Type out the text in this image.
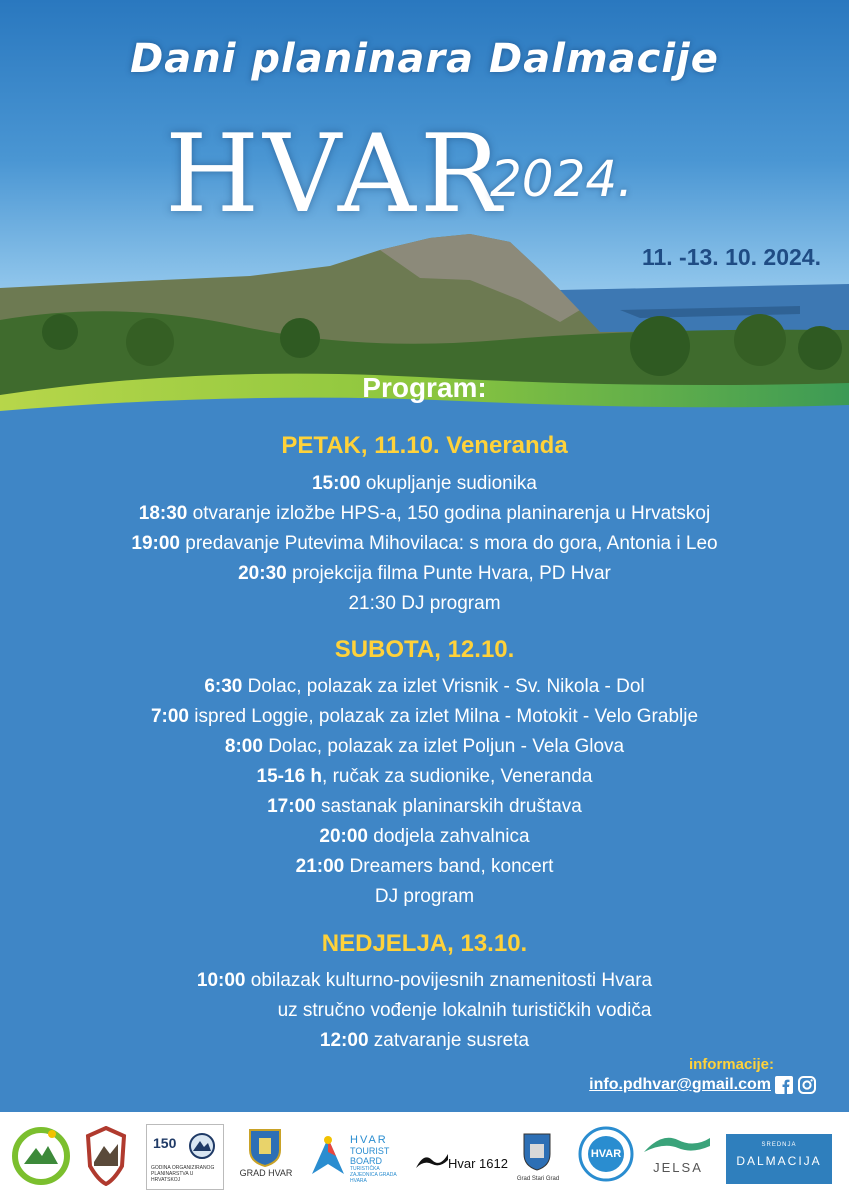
Dani planinara Dalmacije
HVAR
2024.
11. -13. 10. 2024.
Program:
PETAK, 11.10. Veneranda
15:00 okupljanje sudionika
18:30 otvaranje izložbe HPS-a, 150 godina planinarenja u Hrvatskoj
19:00 predavanje Putevima Mihovilaca: s mora do gora, Antonia i Leo
20:30 projekcija filma Punte Hvara, PD Hvar
21:30 DJ program
SUBOTA, 12.10.
6:30 Dolac, polazak za izlet Vrisnik - Sv. Nikola - Dol
7:00 ispred Loggie, polazak za izlet Milna - Motokit - Velo Grablje
8:00 Dolac, polazak za izlet Poljun - Vela Glova
15-16 h, ručak za sudionike, Veneranda
17:00 sastanak planinarskih društava
20:00 dodjela zahvalnica
21:00 Dreamers band, koncert
DJ program
NEDJELJA, 13.10.
10:00 obilazak kulturno-povijesnih znamenitosti Hvara
uz stručno vođenje lokalnih turističkih vodiča
12:00 zatvaranje susreta
informacije:
info.pdhvar@gmail.com
150
GODINA ORGANIZIRANOG PLANINARSTVA U HRVATSKOJ
GRAD HVAR
HVAR
TOURIST
BOARD
TURISTIČKA ZAJEDNICA GRADA HVARA
Hvar 1612
Grad Stari Grad
HVAR
JELSA
SREDNJA
DALMACIJA
